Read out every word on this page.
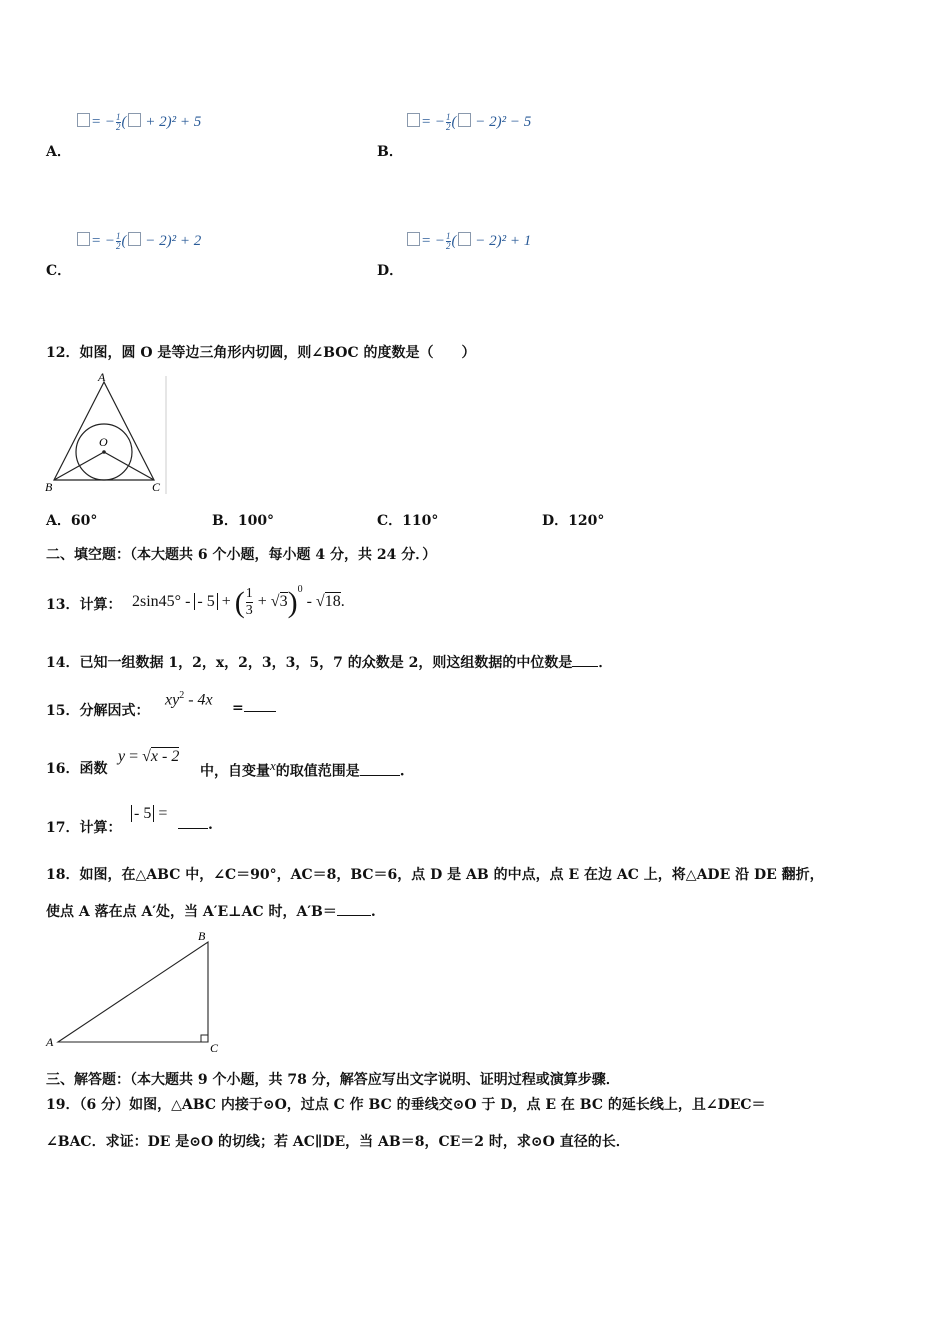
= − $\frac{1}{2}$ ( + 2)² + 5
A．
= − $\frac{1}{2}$ ( − 2)² − 5
B．
= − $\frac{1}{2}$ ( − 2)² + 2
C．
= − $\frac{1}{2}$ ( − 2)² + 1
D．
12．如图，圆 O 是等边三角形内切圆，则∠BOC 的度数是（　　）
A
B	C
O
A．60°	B．100°	C．110°	D．120°
二、填空题：（本大题共 6 个小题，每小题 4 分，共 24 分．）
13．计算： 2sin45° - - 5 + ( $\frac{1}{3} + √3)^0 - √18$.
14．已知一组数据 1，2，x，2，3，3，5，7 的众数是 2，则这组数据的中位数是 ．
15．分解因式：
$xy^2 - 4x$ =
16．函数
y = √x - 2
中，自变量$^x$的取值范围是	.
17．计算：
- 5 =
.
18．如图，在△ABC 中，∠C＝90°，AC＝8，BC＝6，点 D 是 AB 的中点，点 E 在边 AC 上，将△ADE 沿 DE 翻折，
使点 A 落在点 A′处，当 A′E⊥AC 时，A′B＝ .
A
B
C
三、解答题：（本大题共 9 个小题，共 78 分，解答应写出文字说明、证明过程或演算步骤．
19．（6 分）如图，△ABC 内接于⊙O，过点 C 作 BC 的垂线交⊙O 于 D，点 E 在 BC 的延长线上，且∠DEC＝
∠BAC．求证：DE 是⊙O 的切线；若 AC∥DE，当 AB＝8，CE＝2 时，求⊙O 直径的长．
